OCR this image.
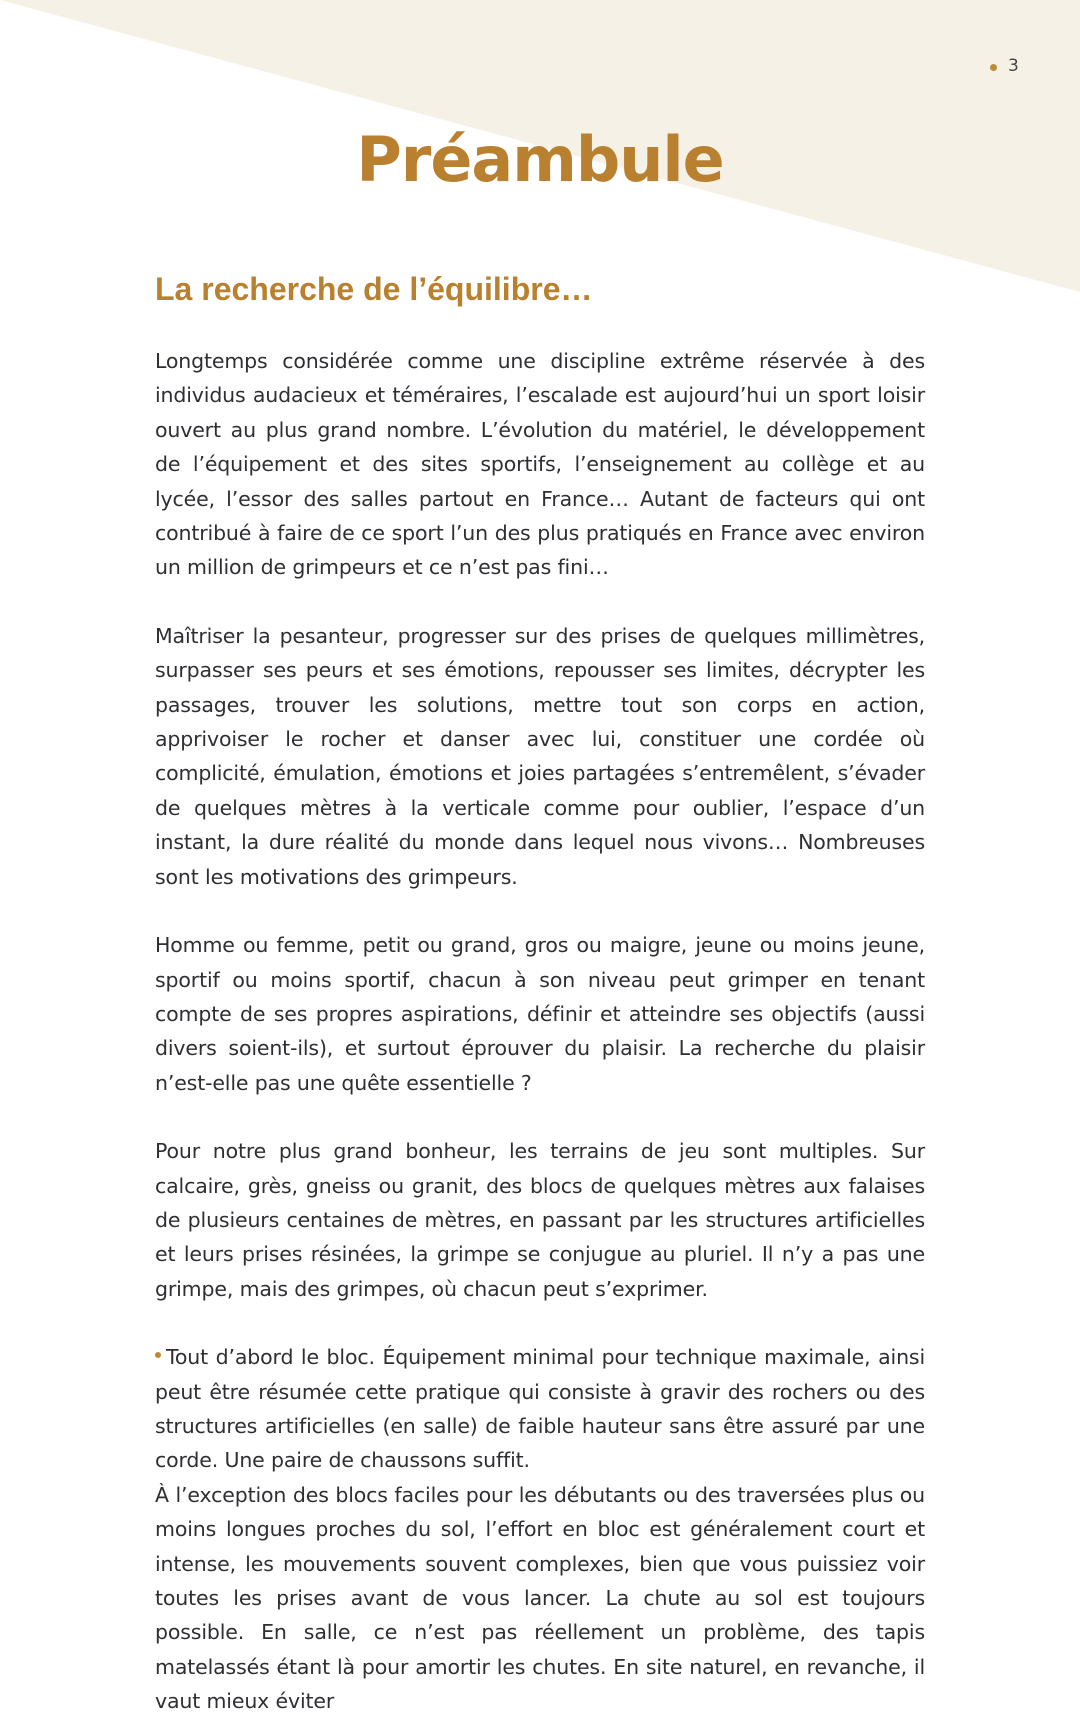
3
Préambule
La recherche de l’équilibre…

Longtemps considérée comme une discipline extrême réservée à des individus audacieux et téméraires, l’escalade est aujourd’hui un sport loisir ouvert au plus grand nombre. L’évolution du matériel, le développement de l’équipement et des sites sportifs, l’enseignement au collège et au lycée, l’essor des salles partout en France… Autant de facteurs qui ont contribué à faire de ce sport l’un des plus pratiqués en France avec environ un million de grimpeurs et ce n’est pas fini…

Maîtriser la pesanteur, progresser sur des prises de quelques millimètres, surpasser ses peurs et ses émotions, repousser ses limites, décrypter les passages, trouver les solutions, mettre tout son corps en action, apprivoiser le rocher et danser avec lui, constituer une cordée où complicité, émulation, émotions et joies partagées s’entremêlent, s’évader de quelques mètres à la verticale comme pour oublier, l’espace d’un instant, la dure réalité du monde dans lequel nous vivons… Nombreuses sont les motivations des grimpeurs.

Homme ou femme, petit ou grand, gros ou maigre, jeune ou moins jeune, sportif ou moins sportif, chacun à son niveau peut grimper en tenant compte de ses propres aspirations, définir et atteindre ses objectifs (aussi divers soient-ils), et surtout éprouver du plaisir. La recherche du plaisir n’est-elle pas une quête essentielle ?

Pour notre plus grand bonheur, les terrains de jeu sont multiples. Sur calcaire, grès, gneiss ou granit, des blocs de quelques mètres aux falaises de plusieurs centaines de mètres, en passant par les structures artificielles et leurs prises résinées, la grimpe se conjugue au pluriel. Il n’y a pas une grimpe, mais des grimpes, où chacun peut s’exprimer.

Tout d’abord le bloc. Équipement minimal pour technique maximale, ainsi peut être résumée cette pratique qui consiste à gravir des rochers ou des structures artificielles (en salle) de faible hauteur sans être assuré par une corde. Une paire de chaussons suffit.

À l’exception des blocs faciles pour les débutants ou des traversées plus ou moins longues proches du sol, l’effort en bloc est généralement court et intense, les mouvements souvent complexes, bien que vous puissiez voir toutes les prises avant de vous lancer. La chute au sol est toujours possible. En salle, ce n’est pas réellement un problème, des tapis matelassés étant là pour amortir les chutes. En site naturel, en revanche, il vaut mieux éviter
